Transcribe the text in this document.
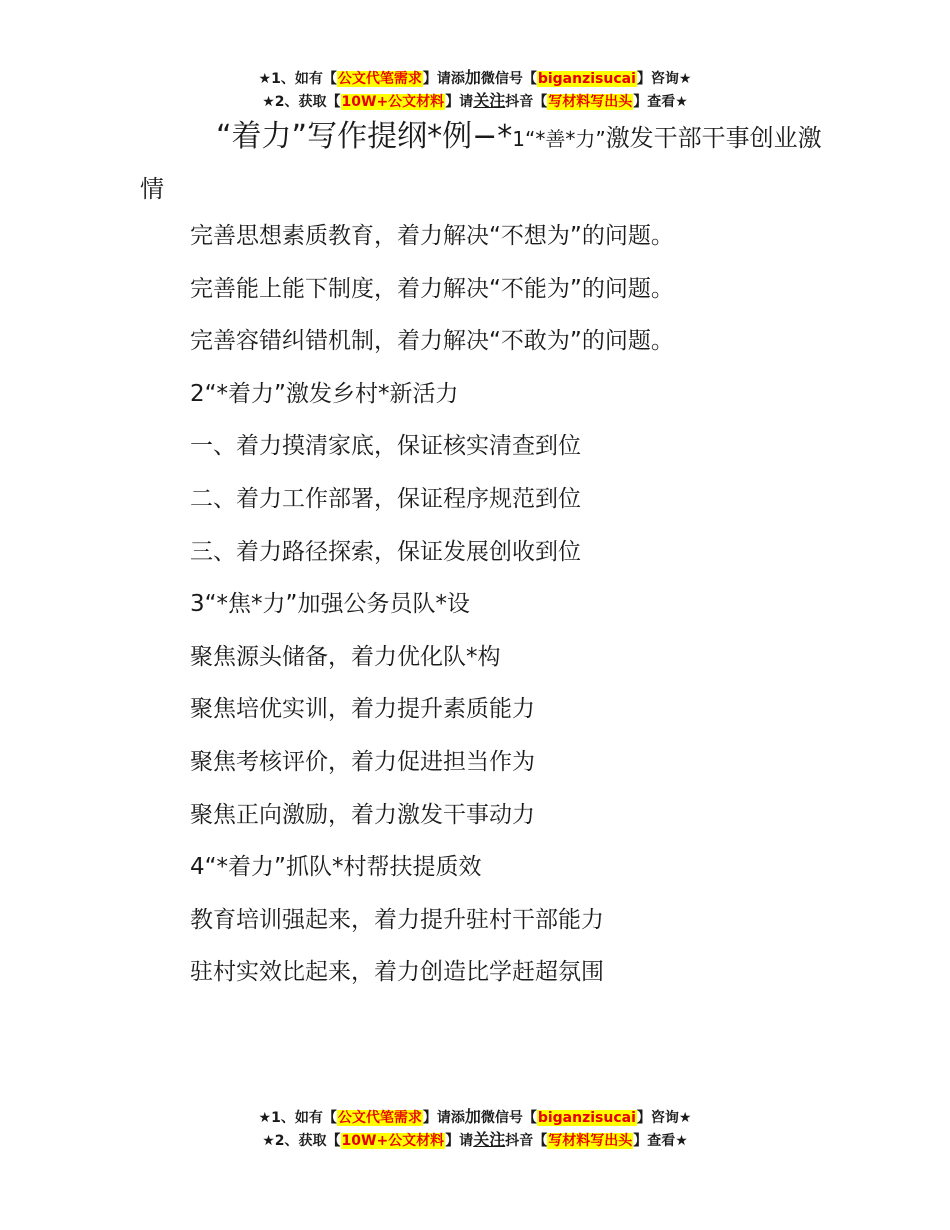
★1、如有【公文代笔需求】请添加微信号【biganzisucai】咨询★
★2、获取【10W+公文材料】请关注抖音【写材料写出头】查看★
“着力”写作提纲*例−*1“*善*力”激发干部干事创业激情
完善思想素质教育，着力解决“不想为”的问题。
完善能上能下制度，着力解决“不能为”的问题。
完善容错纠错机制，着力解决“不敢为”的问题。
2“*着力”激发乡村*新活力
一、着力摸清家底，保证核实清查到位
二、着力工作部署，保证程序规范到位
三、着力路径探索，保证发展创收到位
3“*焦*力”加强公务员队*设
聚焦源头储备，着力优化队*构
聚焦培优实训，着力提升素质能力
聚焦考核评价，着力促进担当作为
聚焦正向激励，着力激发干事动力
4“*着力”抓队*村帮扶提质效
教育培训强起来，着力提升驻村干部能力
驻村实效比起来，着力创造比学赶超氛围
★1、如有【公文代笔需求】请添加微信号【biganzisucai】咨询★
★2、获取【10W+公文材料】请关注抖音【写材料写出头】查看★
